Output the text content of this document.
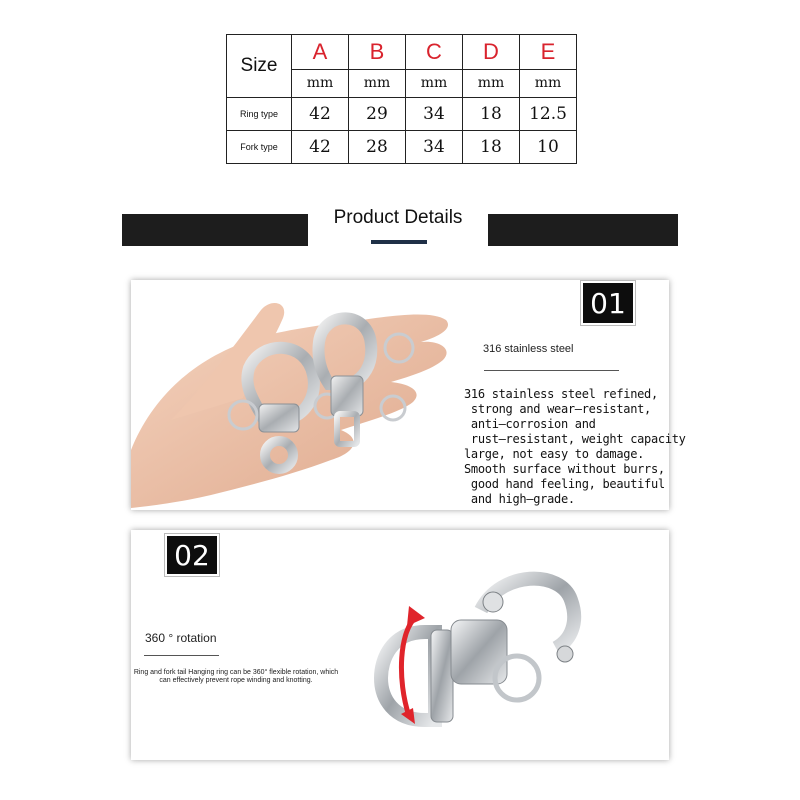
Size	A	B	C	D	E
	mm	mm	mm	mm	mm
Ring type	42	29	34	18	12.5
Fork type	42	28	34	18	10
Product Details
01
316 stainless steel
316 stainless steel refined,
strong and wear—resistant,
anti—corrosion and
rust—resistant, weight capacity
large, not easy to damage.
Smooth surface without burrs,
good hand feeling, beautiful
and high—grade.
02
360 ° rotation
Ring and fork tail Hanging ring can be 360° flexible rotation, which can effectively prevent rope winding and knotting.
